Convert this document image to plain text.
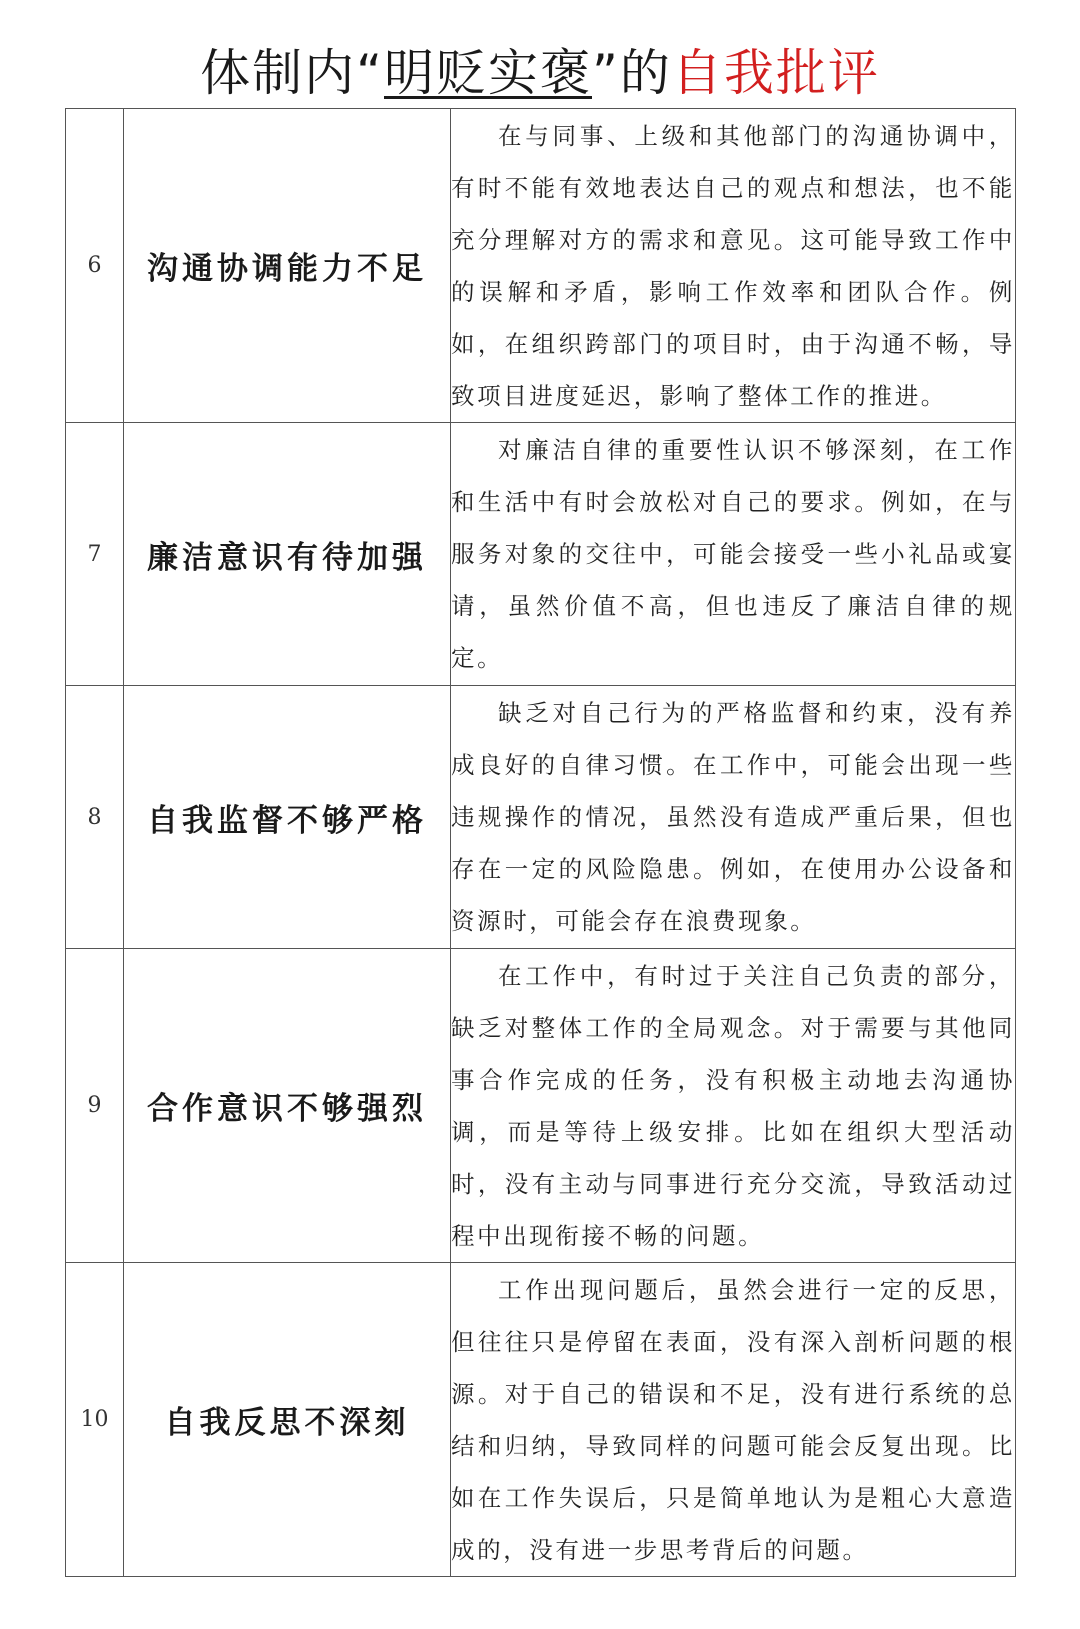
体制内“明贬实褒”的自我批评
6	沟通协调能力不足	在与同事、上级和其他部门的沟通协调中，有时不能有效地表达自己的观点和想法，也不能充分理解对方的需求和意见。这可能导致工作中的误解和矛盾，影响工作效率和团队合作。例如，在组织跨部门的项目时，由于沟通不畅，导致项目进度延迟，影响了整体工作的推进。
7	廉洁意识有待加强	对廉洁自律的重要性认识不够深刻，在工作和生活中有时会放松对自己的要求。例如，在与服务对象的交往中，可能会接受一些小礼品或宴请，虽然价值不高，但也违反了廉洁自律的规定。
8	自我监督不够严格	缺乏对自己行为的严格监督和约束，没有养成良好的自律习惯。在工作中，可能会出现一些违规操作的情况，虽然没有造成严重后果，但也存在一定的风险隐患。例如，在使用办公设备和资源时，可能会存在浪费现象。
9	合作意识不够强烈	在工作中，有时过于关注自己负责的部分，缺乏对整体工作的全局观念。对于需要与其他同事合作完成的任务，没有积极主动地去沟通协调，而是等待上级安排。比如在组织大型活动时，没有主动与同事进行充分交流，导致活动过程中出现衔接不畅的问题。
10	自我反思不深刻	工作出现问题后，虽然会进行一定的反思，但往往只是停留在表面，没有深入剖析问题的根源。对于自己的错误和不足，没有进行系统的总结和归纳，导致同样的问题可能会反复出现。比如在工作失误后，只是简单地认为是粗心大意造成的，没有进一步思考背后的问题。
